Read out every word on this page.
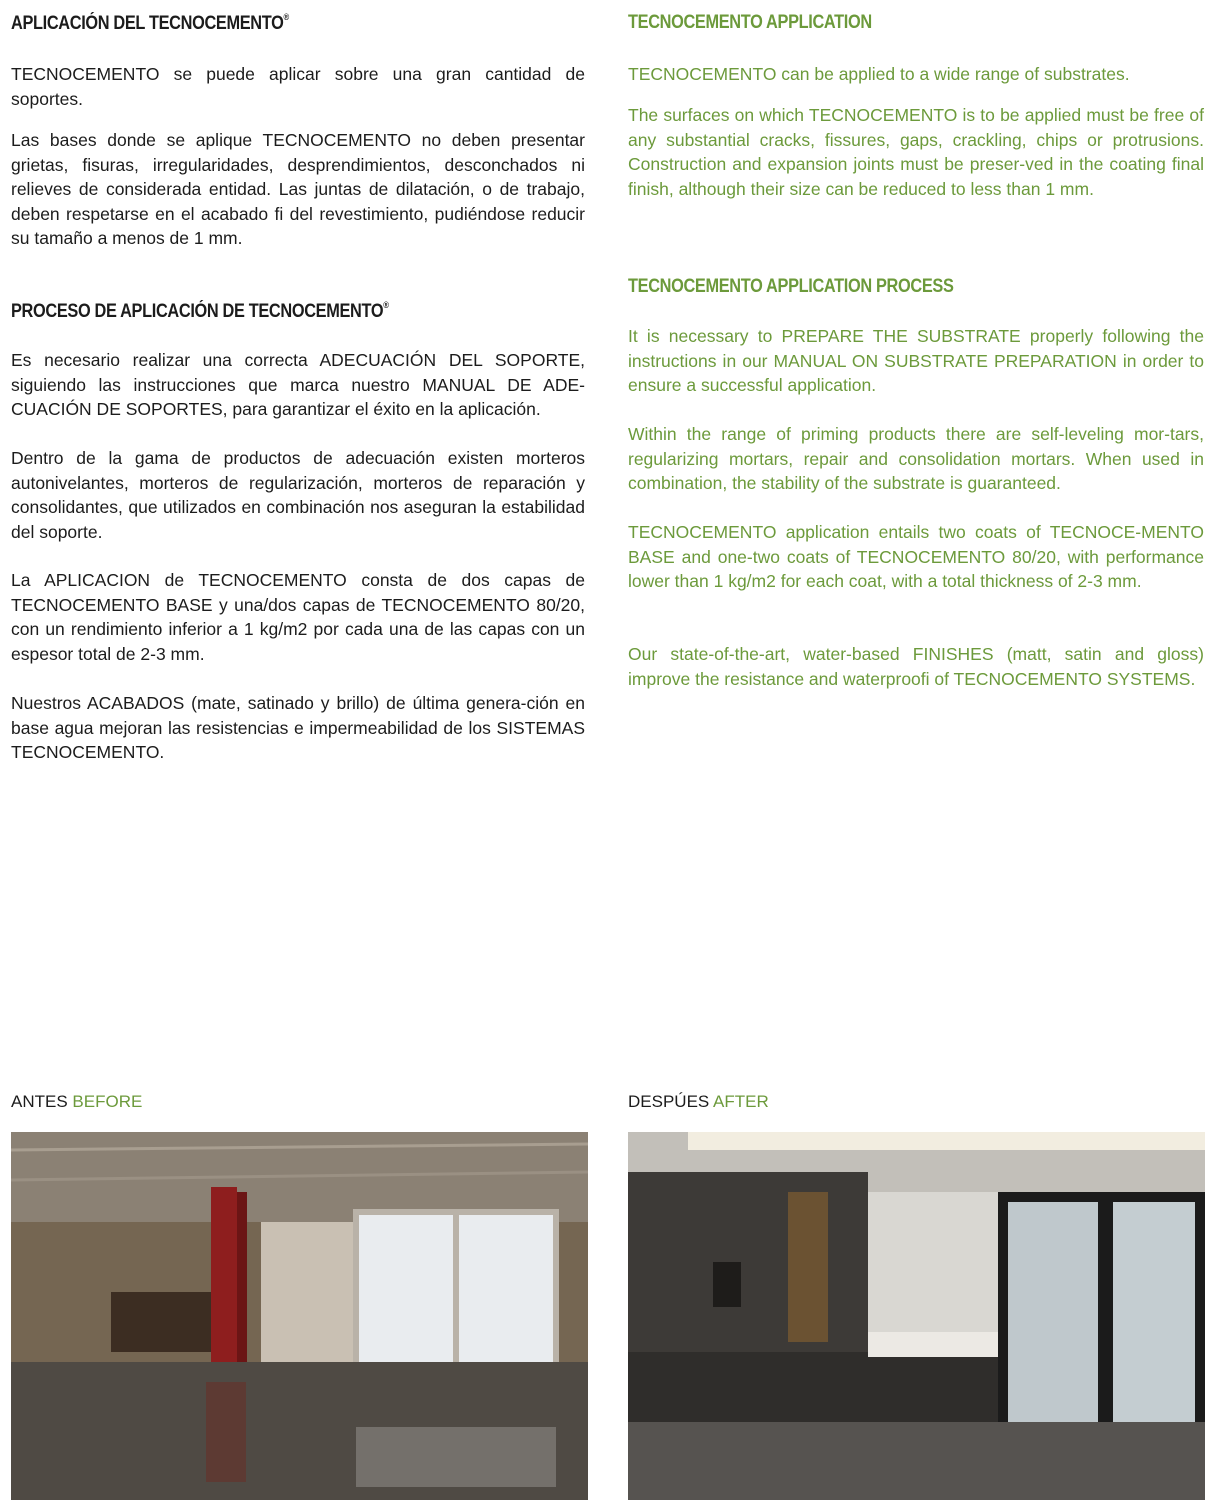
APLICACIÓN DEL TECNOCEMENTO®

TECNOCEMENTO se puede aplicar sobre una gran cantidad de soportes.

Las bases donde se aplique TECNOCEMENTO no deben presentar grietas, fisuras, irregularidades, desprendimientos, desconchados ni relieves de considerada entidad. Las juntas de dilatación, o de trabajo, deben respetarse en el acabado fi del revestimiento, pudiéndose reducir su tamaño a menos de 1 mm.

PROCESO DE APLICACIÓN DE TECNOCEMENTO®

Es necesario realizar una correcta ADECUACIÓN DEL SOPORTE, siguiendo las instrucciones que marca nuestro MANUAL DE ADE-CUACIÓN DE SOPORTES, para garantizar el éxito en la aplicación.

Dentro de la gama de productos de adecuación existen morteros autonivelantes, morteros de regularización, morteros de reparación y consolidantes, que utilizados en combinación nos aseguran la estabilidad del soporte.

La APLICACION de TECNOCEMENTO consta de dos capas de TECNOCEMENTO BASE y una/dos capas de TECNOCEMENTO 80/20, con un rendimiento inferior a 1 kg/m2 por cada una de las capas con un espesor total de 2-3 mm.

Nuestros ACABADOS (mate, satinado y brillo) de última genera-ción en base agua mejoran las resistencias e impermeabilidad de los SISTEMAS TECNOCEMENTO.

TECNOCEMENTO APPLICATION

TECNOCEMENTO can be applied to a wide range of substrates.

The surfaces on which TECNOCEMENTO is to be applied must be free of any substantial cracks, fissures, gaps, crackling, chips or protrusions. Construction and expansion joints must be preser-ved in the coating final finish, although their size can be reduced to less than 1 mm.

TECNOCEMENTO APPLICATION PROCESS

It is necessary to PREPARE THE SUBSTRATE properly following the instructions in our MANUAL ON SUBSTRATE PREPARATION in order to ensure a successful application.

Within the range of priming products there are self-leveling mor-tars, regularizing mortars, repair and consolidation mortars. When used in combination, the stability of the substrate is guaranteed.

TECNOCEMENTO application entails two coats of TECNOCE-MENTO BASE and one-two coats of TECNOCEMENTO 80/20, with performance lower than 1 kg/m2 for each coat, with a total thickness of 2-3 mm.

Our state-of-the-art, water-based FINISHES (matt, satin and gloss) improve the resistance and waterproofi of TECNOCEMENTO SYSTEMS.

ANTES BEFORE	DESPÚES AFTER
